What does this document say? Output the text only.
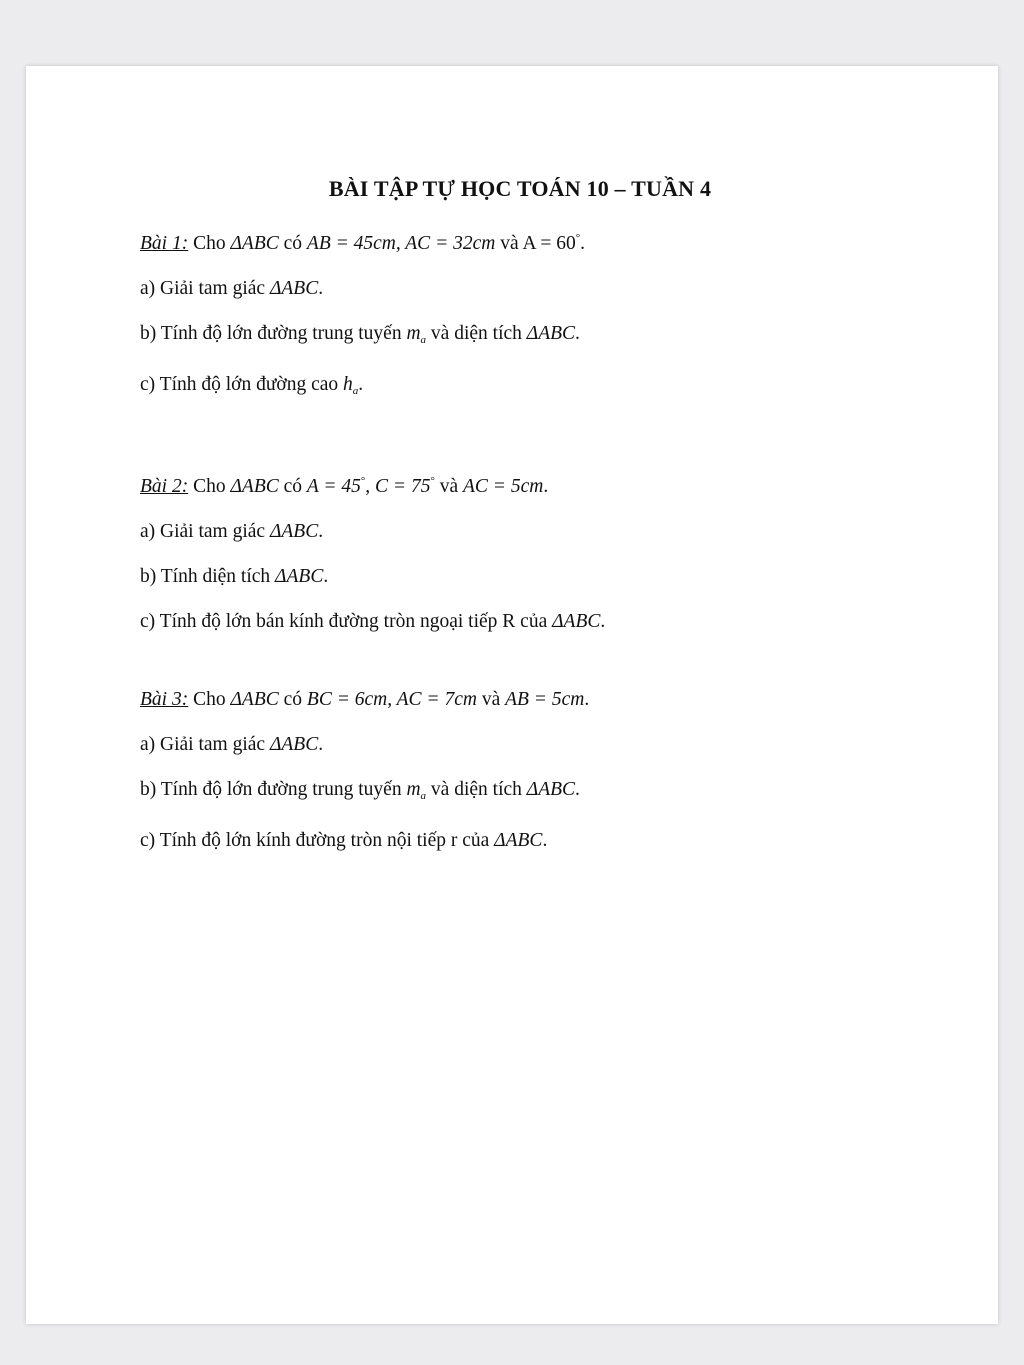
BÀI TẬP TỰ HỌC TOÁN 10 – TUẦN 4
Bài 1: Cho ΔABC có AB = 45cm, AC = 32cm và A = 60°.
a) Giải tam giác ΔABC.
b) Tính độ lớn đường trung tuyến $m_a$ và diện tích ΔABC.
c) Tính độ lớn đường cao $h_a$.
Bài 2: Cho ΔABC có A = 45°, C = 75° và AC = 5cm.
a) Giải tam giác ΔABC.
b) Tính diện tích ΔABC.
c) Tính độ lớn bán kính đường tròn ngoại tiếp R của ΔABC.
Bài 3: Cho ΔABC có BC = 6cm, AC = 7cm và AB = 5cm.
a) Giải tam giác ΔABC.
b) Tính độ lớn đường trung tuyến $m_a$ và diện tích ΔABC.
c) Tính độ lớn kính đường tròn nội tiếp r của ΔABC.
